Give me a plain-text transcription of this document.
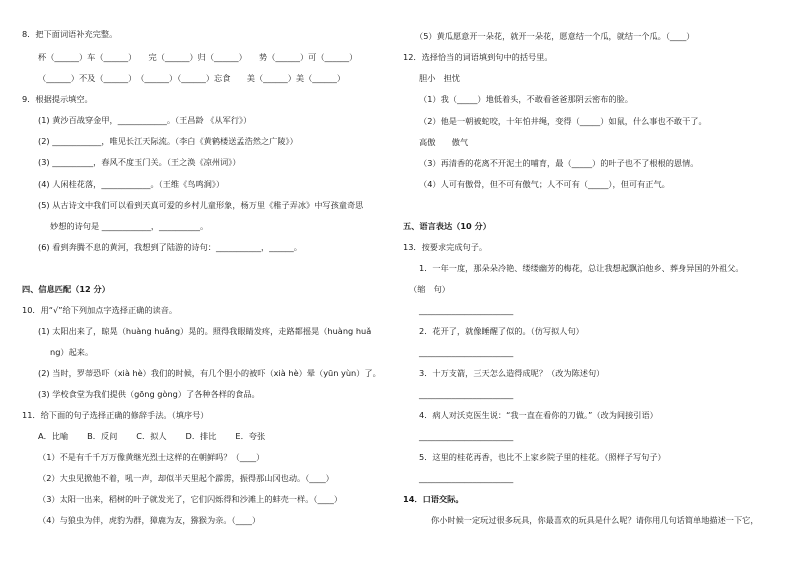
8．把下面词语补充完整。
杯（______）车（______）　　完（______）归（______）　　势（______）可（______）
（______）不及（______）　（______）（______）忘食　　美（______）美（______）
9．根据提示填空。
(1) 黄沙百战穿金甲，____________。（王昌龄 《从军行》）
(2) ____________，唯见长江天际流。（李白《黄鹤楼送孟浩然之广陵》）
(3) __________，春风不度玉门关。（王之涣《凉州词》）
(4) 人闲桂花落，____________。（王维《鸟鸣涧》）
(5) 从古诗文中我们可以看到天真可爱的乡村儿童形象，杨万里《稚子弄冰》中写孩童奇思
妙想的诗句是 ____________，__________。
(6) 看到奔腾不息的黄河，我想到了陆游的诗句：___________，______。
四、信息匹配（12 分）
10．用“√”给下列加点字选择正确的读音。
(1) 太阳出来了，晾晃（huàng huǎng）晃的。照得我眼睛发疼，走路都摇晃（huàng huǎ
ng）起来。
(2) 当时，罗蒂恐吓（xià hè）我们的时候，有几个胆小的被吓（xià hè）晕（yūn yùn）了。
(3) 学校食堂为我们提供（gōng gòng）了各种各样的食品。
11．给下面的句子选择正确的修辞手法。（填序号）
A．比喻　　 B．反问　　 C．拟人　　 D．排比　　 E．夸张
（1）不是有千千万万像黄继光烈士这样的在朝鲜吗？（____）
（2）大虫见掀他不着，吼一声，却似半天里起个霹雳，振得那山冈也动。（____）
（3）太阳一出来，稻树的叶子就发光了，它们闪烁得和沙滩上的蚌壳一样。（____）
（4）与狼虫为伴，虎豹为群，獐鹿为友，猕猴为亲。（____）
（5）黄瓜愿意开一朵花，就开一朵花，愿意结一个瓜，就结一个瓜。（____）
12．选择恰当的词语填到句中的括号里。
胆小　担忧
（1）我（_____）地低着头，不敢看爸爸那阴云密布的脸。
（2）他是一朝被蛇咬，十年怕井绳，变得（_____）如鼠，什么事也不敢干了。
高傲　　傲气
（3）再清香的花离不开泥土的哺育，最（_____）的叶子也不了根根的恩情。
（4）人可有傲骨，但不可有傲气；人不可有（_____），但可有正气。
五、语言表达（10 分）
13．按要求完成句子。
1．一年一度，那朵朵冷艳、缕缕幽芳的梅花，总让我想起飘泊他乡、葬身异国的外祖父。
（缩　句）
_______________________
2．花开了，就像睡醒了似的。（仿写拟人句）
_______________________
3．十万支箭，三天怎么造得成呢？（改为陈述句）
_______________________
4．病人对沃克医生说：“我一直在看你的刀做。”（改为间接引语）
_______________________
5．这里的桂花再香，也比不上家乡院子里的桂花。（照样子写句子）
_______________________
14．口语交际。
你小时候一定玩过很多玩具，你最喜欢的玩具是什么呢？请你用几句话简单地描述一下它，
